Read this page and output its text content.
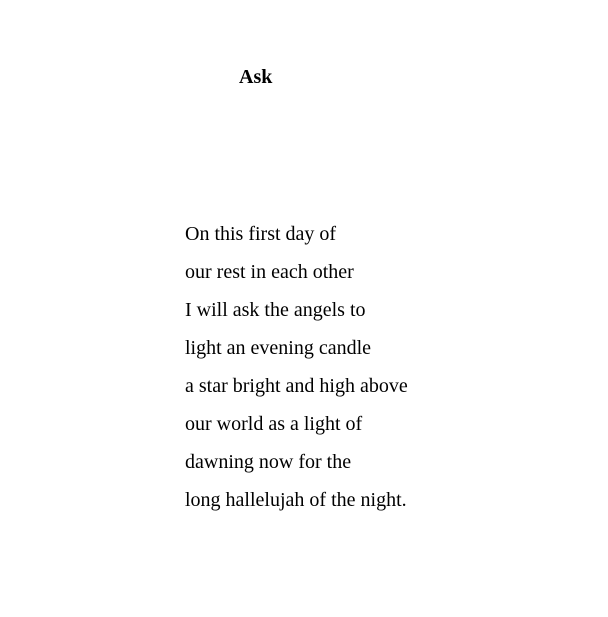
Ask
On this first day of
our rest in each other
I will ask the angels to
light an evening candle
a star bright and high above
our world as a light of
dawning now for the
long hallelujah of the night.
